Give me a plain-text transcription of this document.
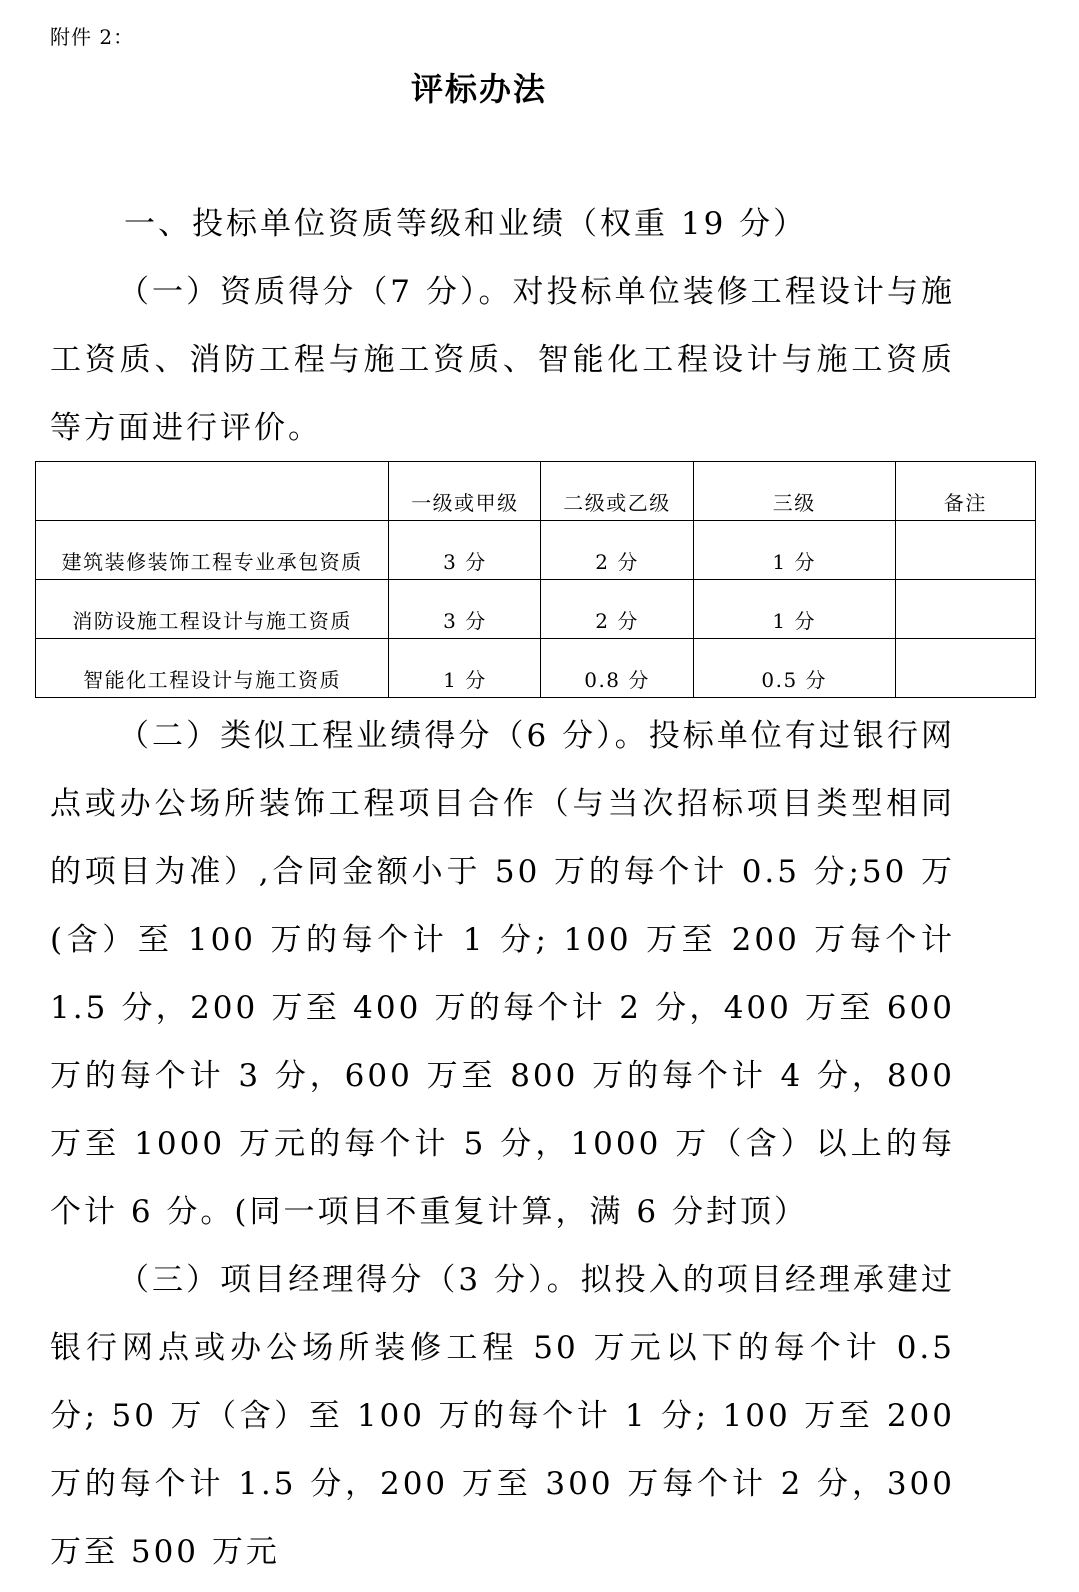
附件 2：
评标办法

一、投标单位资质等级和业绩（权重 19 分）

（一）资质得分（7 分）。对投标单位装修工程设计与施工资质、消防工程与施工资质、智能化工程设计与施工资质等方面进行评价。

	一级或甲级	二级或乙级	三级	备注
建筑装修装饰工程专业承包资质	3 分	2 分	1 分	
消防设施工程设计与施工资质	3 分	2 分	1 分	
智能化工程设计与施工资质	1 分	0.8 分	0.5 分	

（二）类似工程业绩得分（6 分）。投标单位有过银行网点或办公场所装饰工程项目合作（与当次招标项目类型相同的项目为准）,合同金额小于 50 万的每个计 0.5 分;50 万(含）至 100 万的每个计 1 分; 100 万至 200 万每个计 1.5 分，200 万至 400 万的每个计 2 分，400 万至 600 万的每个计 3 分，600 万至 800 万的每个计 4 分，800 万至 1000 万元的每个计 5 分，1000 万（含）以上的每个计 6 分。(同一项目不重复计算，满 6 分封顶）

（三）项目经理得分（3 分）。拟投入的项目经理承建过银行网点或办公场所装修工程 50 万元以下的每个计 0.5 分; 50 万（含）至 100 万的每个计 1 分; 100 万至 200 万的每个计 1.5 分，200 万至 300 万每个计 2 分，300 万至 500 万元
